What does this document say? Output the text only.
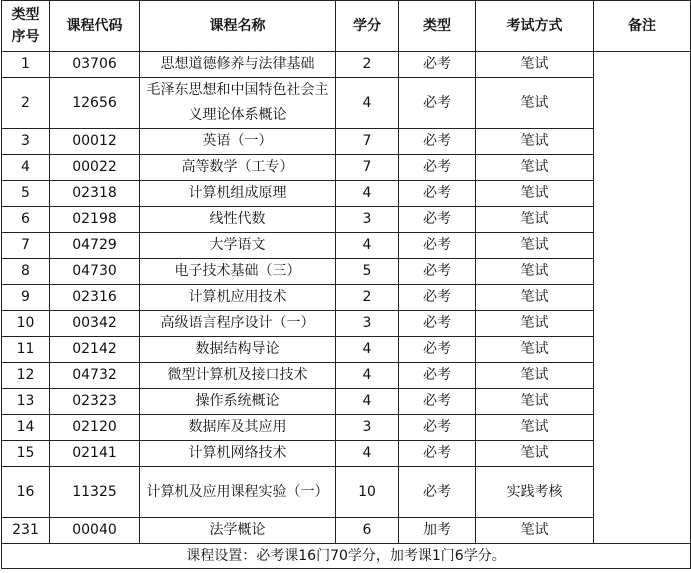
类型
序号	课程代码	课程名称	学分	类型	考试方式	备注
1	03706	思想道德修养与法律基础	2	必考	笔试	
2	12656	毛泽东思想和中国特色社会主义理论体系概论	4	必考	笔试	
3	00012	英语（一）	7	必考	笔试	
4	00022	高等数学（工专）	7	必考	笔试	
5	02318	计算机组成原理	4	必考	笔试	
6	02198	线性代数	3	必考	笔试	
7	04729	大学语文	4	必考	笔试	
8	04730	电子技术基础（三）	5	必考	笔试	
9	02316	计算机应用技术	2	必考	笔试	
10	00342	高级语言程序设计（一）	3	必考	笔试	
11	02142	数据结构导论	4	必考	笔试	
12	04732	微型计算机及接口技术	4	必考	笔试	
13	02323	操作系统概论	4	必考	笔试	
14	02120	数据库及其应用	3	必考	笔试	
15	02141	计算机网络技术	4	必考	笔试	
16	11325	计算机及应用课程实验（一）	10	必考	实践考核	
231	00040	法学概论	6	加考	笔试	
课程设置：必考课16门70学分，加考课1门6学分。						
